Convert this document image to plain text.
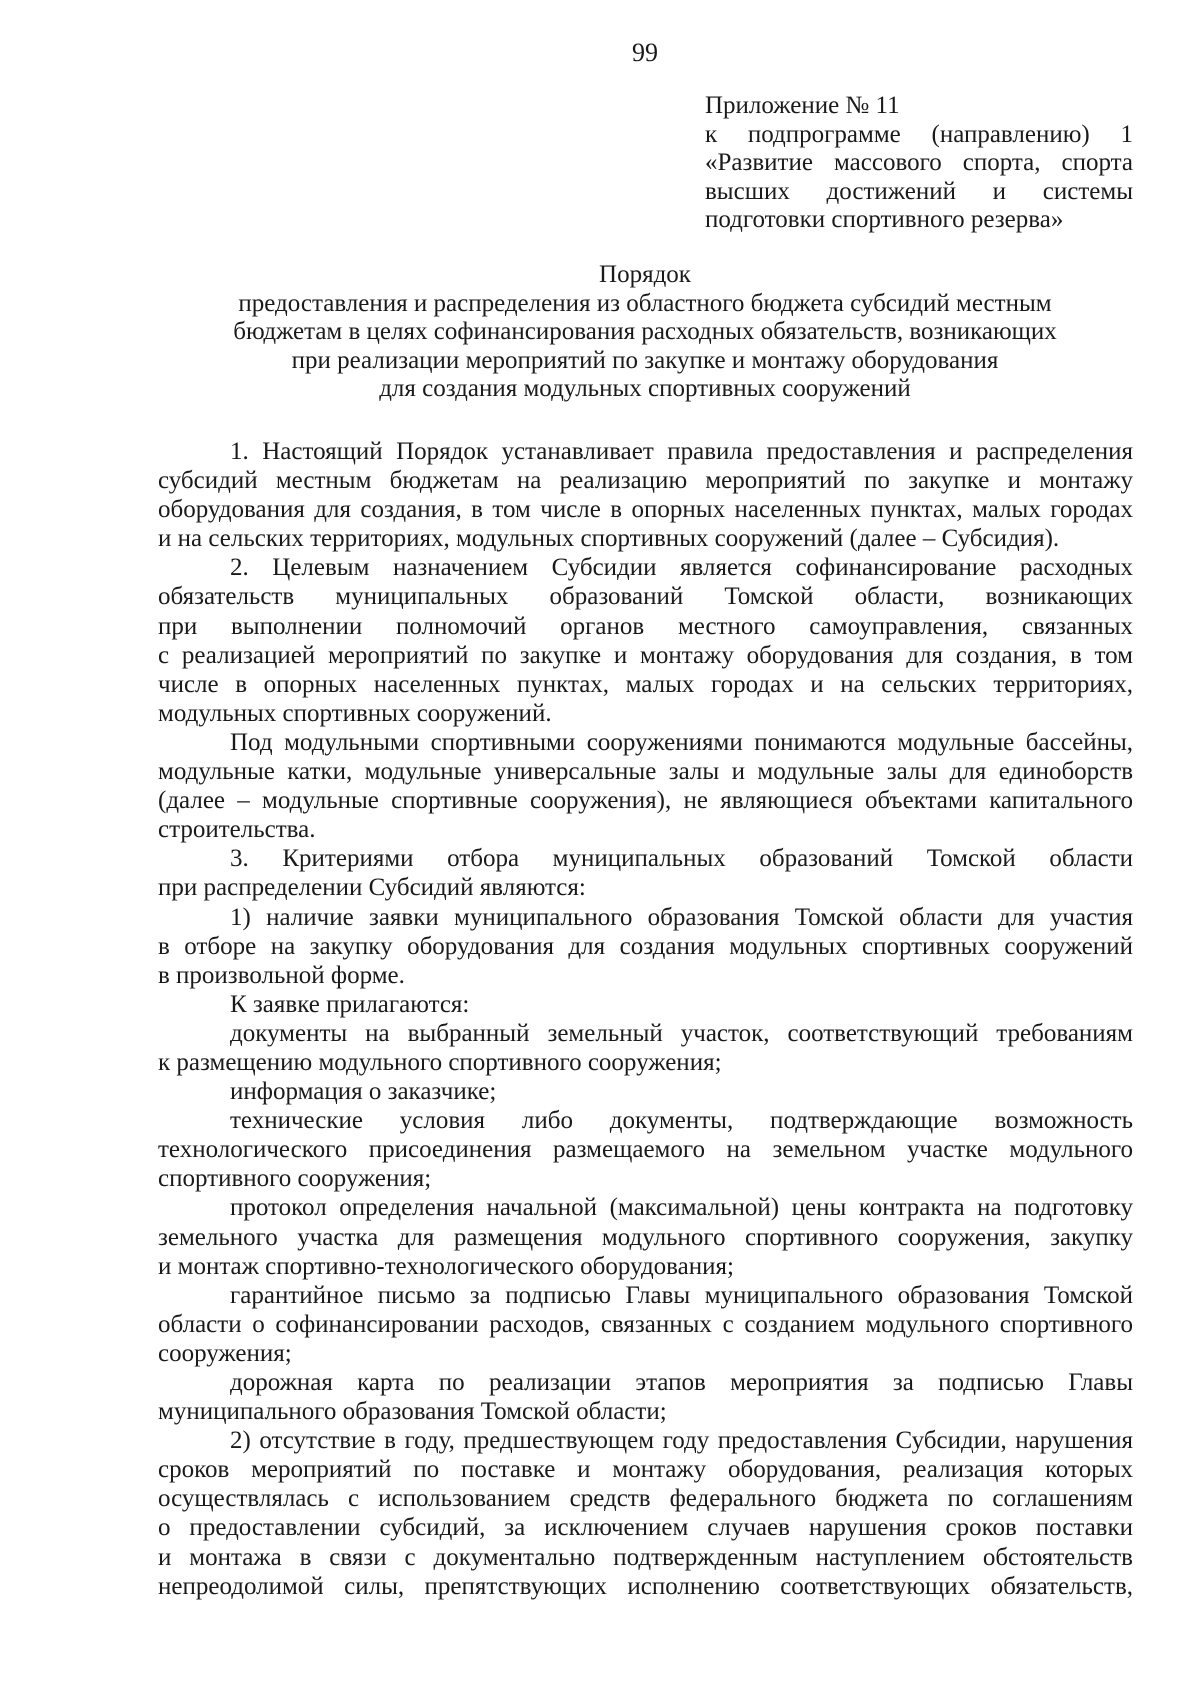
99
Приложение № 11
к подпрограмме (направлению) 1
«Развитие массового спорта, спорта
высших достижений и системы
подготовки спортивного резерва»
Порядок
предоставления и распределения из областного бюджета субсидий местным
бюджетам в целях софинансирования расходных обязательств, возникающих
при реализации мероприятий по закупке и монтажу оборудования
для создания модульных спортивных сооружений
1. Настоящий Порядок устанавливает правила предоставления и распределения
субсидий местным бюджетам на реализацию мероприятий по закупке и монтажу
оборудования для создания, в том числе в опорных населенных пунктах, малых городах
и на сельских территориях, модульных спортивных сооружений (далее – Субсидия).
2. Целевым назначением Субсидии является софинансирование расходных
обязательств муниципальных образований Томской области, возникающих
при выполнении полномочий органов местного самоуправления, связанных
с реализацией мероприятий по закупке и монтажу оборудования для создания, в том
числе в опорных населенных пунктах, малых городах и на сельских территориях,
модульных спортивных сооружений.
Под модульными спортивными сооружениями понимаются модульные бассейны,
модульные катки, модульные универсальные залы и модульные залы для единоборств
(далее – модульные спортивные сооружения), не являющиеся объектами капитального
строительства.
3. Критериями отбора муниципальных образований Томской области
при распределении Субсидий являются:
1) наличие заявки муниципального образования Томской области для участия
в отборе на закупку оборудования для создания модульных спортивных сооружений
в произвольной форме.
К заявке прилагаются:
документы на выбранный земельный участок, соответствующий требованиям
к размещению модульного спортивного сооружения;
информация о заказчике;
технические условия либо документы, подтверждающие возможность
технологического присоединения размещаемого на земельном участке модульного
спортивного сооружения;
протокол определения начальной (максимальной) цены контракта на подготовку
земельного участка для размещения модульного спортивного сооружения, закупку
и монтаж спортивно-технологического оборудования;
гарантийное письмо за подписью Главы муниципального образования Томской
области о софинансировании расходов, связанных с созданием модульного спортивного
сооружения;
дорожная карта по реализации этапов мероприятия за подписью Главы
муниципального образования Томской области;
2) отсутствие в году, предшествующем году предоставления Субсидии, нарушения
сроков мероприятий по поставке и монтажу оборудования, реализация которых
осуществлялась с использованием средств федерального бюджета по соглашениям
о предоставлении субсидий, за исключением случаев нарушения сроков поставки
и монтажа в связи с документально подтвержденным наступлением обстоятельств
непреодолимой силы, препятствующих исполнению соответствующих обязательств,
